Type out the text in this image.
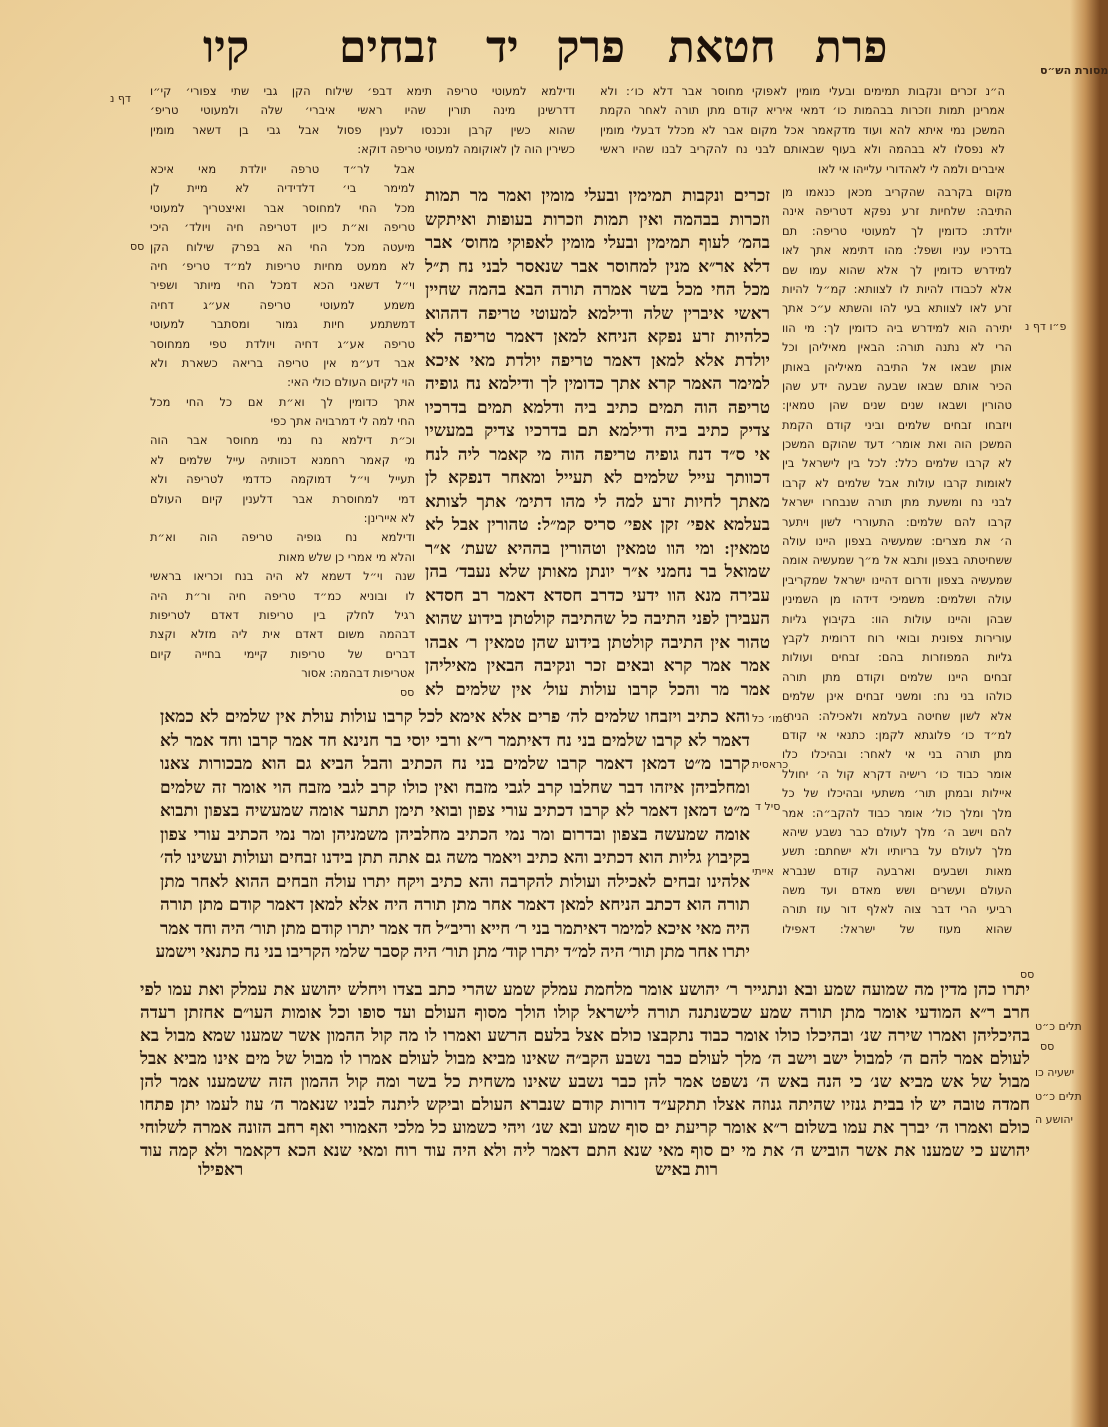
פרת
חטאת
פרק
יד
זבחים
קיו
ודילמא למעוטי טריפה תימא דבפ׳ שילוח הקן גבי שתי צפורי׳ קי״ו
דדרשינן מינה תורין שהיו ראשי איברי׳ שלה ולמעוטי טריפ׳
שהוא כשין קרבן ונכנסו לענין פסול אבל גבי בן דשאר מומין
כשירין הוה לן לאוקומה למעוטי טריפה דוקא:
אבל לר״ד טרפה יולדת מאי איכא
למימר בי׳ דלדידיה לא מיית לן
מכל החי למחוסר אבר ואיצטריך למעוטי
טריפה וא״ת כיון דטריפה חיה ויולד׳ היכי
מיעטה מכל החי הא בפרק שילוח הקן
לא ממעט מחיות טריפות למ״ד טריפ׳ חיה
וי״ל דשאני הכא דמכל החי מיותר ושפיר
משמע למעוטי טריפה אע״ג דחיה
דמשתמע חיות גמור ומסתבר למעוטי
טריפה אע״ג דחיה ויולדת טפי ממחוסר
אבר דע״מ אין טריפה בריאה כשארת ולא
הוי לקיום העולם כולי האי:
אתך כדומין לך וא״ת אם כל החי מכל
החי למה לי דמרבויה אתך כפי
וכ״ת דילמא נח נמי מחוסר אבר הוה
מי קאמר רחמנא דכוותיה עייל שלמים לא
תעייל וי״ל דמוקמה כדדמי לטריפה ולא
דמי למחוסרת אבר דלענין קיום העולם
לא איירינן:
ודילמא נח גופיה טריפה הוה וא״ת
והלא מי אמרי כן שלש מאות
שנה וי״ל דשמא לא היה בנח וכריאו בראשי
לו ובוניא כמ״ד טריפה חיה ור״ת היה
רגיל לחלק בין טריפות דאדם לטריפות
דבהמה משום דאדם אית ליה מזלא וקצת
דברים של טריפות קיימי בחייה קיום
אטריפות דבהמה: אסור
ה״נ זכרים ונקבות תמימים ובעלי מומין לאפוקי מחוסר אבר דלא כו׳: ולא
אמרינן תמות וזכרות בבהמות כו׳ דמאי איריא קודם מתן תורה לאחר הקמת
המשכן נמי איתא להא ועוד מדקאמר אכל מקום אבר לא מכלל דבעלי מומין
לא נפסלו לא בבהמה ולא בעוף שבאותם לבני נח להקריב לבנו שהיו ראשי
איברים ולמה לי לאהדורי עלייהו אי לאו
מקום בקרבה שהקריב מכאן כנאמו מן
התיבה: שלחיות זרע נפקא דטריפה אינה
יולדת: כדומין לך למעוטי טריפה: תם
בדרכיו עניו ושפל: מהו דתימא אתך לאו
למידרש כדומין לך אלא שהוא עמו שם
אלא לכבודו להיות לו לצוותא: קמ״ל להיות
זרע לאו לצוותא בעי להו והשתא ע״כ אתך
יתירה הוא למידרש ביה כדומין לך: מי הוו
הרי לא נתנה תורה: הבאין מאיליהן וכל
אותן שבאו אל התיבה מאיליהן באותן
הכיר אותם שבאו שבעה שבעה ידע שהן
טהורין ושבאו שנים שנים שהן טמאין:
ויזבחו זבחים שלמים וביני קודם הקמת
המשכן הוה ואת אומר׳ דעד שהוקם המשכן
לא קרבו שלמים כלל: לכל בין לישראל בין
לאומות קרבו עולות אבל שלמים לא קרבו
לבני נח ומשעת מתן תורה שנבחרו ישראל
קרבו להם שלמים: התעוררי לשון ויתער
ה׳ את מצרים: שמעשיה בצפון היינו עולה
ששחיטתה בצפון ותבא אל מ״ך שמעשיה אומה
שמעשיה בצפון ודרום דהיינו ישראל שמקריבין
עולה ושלמים: משמיכי דידהו מן השמינין
שבהן והיינו עולות הוו: בקיבוץ גליות
עורירות צפונית ובואי רוח דרומית לקבץ
גליות המפוזרות בהם: זבחים ועולות
זבחים היינו שלמים וקודם מתן תורה
כולהו בני נח: ומשני זבחים אינן שלמים
אלא לשון שחיטה בעלמא ולאכילה: הניח׳
למ״ד כו׳ פלוגתא לקמן: כתנאי אי קודם
מתן תורה בני אי לאחר: ובהיכלו כלו
אומר כבוד כו׳ רישיה דקרא קול ה׳ יחולל
איילות ובמתן תור׳ משתעי ובהיכלו של כל
מלך ומלך כול׳ אומר כבוד להקב״ה: אמר
להם וישב ה׳ מלך לעולם כבר נשבע שיהא
מלך לעולם על בריותיו ולא ישחתם: תשע
מאות ושבעים וארבעה קודם שנברא
העולם ועשרים ושש מאדם ועד משה
רביעי הרי דבר צוה לאלף דור עוז תורה
שהוא מעוז של ישראל: דאפילו
זכרים ונקבות תמימין ובעלי מומין ואמר מר תמות
וזכרות בבהמה ואין תמות וזכרות בעופות ואיתקש
בהמ׳ לעוף תמימין ובעלי מומין לאפוקי מחוס׳ אבר
דלא אר״א מנין למחוסר אבר שנאסר לבני נח ת״ל
מכל החי מכל בשר אמרה תורה הבא בהמה שחיין
ראשי איברין שלה ודילמא למעוטי טריפה דההוא
כלהיות זרע נפקא הניחא למאן דאמר טריפה לא
יולדת אלא למאן דאמר טריפה יולדת מאי איכא
למימר האמר קרא אתך כדומין לך ודילמא נח גופיה
טריפה הוה תמים כתיב ביה ודלמא תמים בדרכיו
צדיק כתיב ביה ודילמא תם בדרכיו צדיק במעשיו
אי ס״ד דנח גופיה טריפה הוה מי קאמר ליה לנח
דכוותך עייל שלמים לא תעייל ומאחר דנפקא לן
מאתך לחיות זרע למה לי מהו דתימ׳ אתך לצותא
בעלמא אפי׳ זקן אפי׳ סריס קמ״ל: טהורין אבל לא
טמאין: ומי הוו טמאין וטהורין בההיא שעת׳ א״ר
שמואל בר נחמני א״ר יונתן מאותן שלא נעבד׳ בהן
עבירה מנא הוו ידעי כדרב חסדא דאמר רב חסדא
העבירן לפני התיבה כל שהתיבה קולטתן בידוע שהוא
טהור אין התיבה קולטתן בידוע שהן טמאין ר׳ אבהו
אמר אמר קרא ובאים זכר ונקיבה הבאין מאיליהן
אמר מר והכל קרבו עולות עול׳ אין שלמים לא
והא כתיב ויזבחו שלמים לה׳ פרים אלא אימא לכל קרבו עולות עולת אין שלמים לא כמאן
דאמר לא קרבו שלמים בני נח דאיתמר ר״א ורבי יוסי בר חנינא חד אמר קרבו וחד אמר לא
קרבו מ״ט דמאן דאמר קרבו שלמים בני נח הכתיב והבל הביא גם הוא מבכורות צאנו
ומחלביהן איזהו דבר שחלבו קרב לגבי מזבח ואין כולו קרב לגבי מזבח הוי אומר זה שלמים
מ״ט דמאן דאמר לא קרבו דכתיב עורי צפון ובואי תימן תתער אומה שמעשיה בצפון ותבוא
אומה שמעשה בצפון ובדרום ומר נמי הכתיב מחלביהן משמניהן ומר נמי הכתיב עורי צפון
בקיבוץ גליות הוא דכתיב והא כתיב ויאמר משה גם אתה תתן בידנו זבחים ועולות ועשינו לה׳
אלהינו זבחים לאכילה ועולות להקרבה והא כתיב ויקח יתרו עולה וזבחים ההוא לאחר מתן
תורה הוא דכתב הניחא למאן דאמר אחר מתן תורה היה אלא למאן דאמר קודם מתן תורה
היה מאי איכא למימר דאיתמר בני ר׳ חייא וריב״ל חד אמר יתרו קודם מתן תור׳ היה וחד אמר
יתרו אחר מתן תור׳ היה למ״ד יתרו קוד׳ מתן תור׳ היה קסבר שלמי הקריבו בני נח כתנאי וישמע
יתרו כהן מדין מה שמועה שמע ובא ונתגייר ר׳ יהושע אומר מלחמת עמלק שמע שהרי כתב בצדו ויחלש יהושע את עמלק ואת עמו לפי
חרב ר״א המודעי אומר מתן תורה שמע שכשנתנה תורה לישראל קולו הולך מסוף העולם ועד סופו וכל אומות העו״ם אחזתן רעדה
בהיכליהן ואמרו שירה שנ׳ ובהיכלו כולו אומר כבוד נתקבצו כולם אצל בלעם הרשע ואמרו לו מה קול ההמון אשר שמענו שמא מבול בא
לעולם אמר להם ה׳ למבול ישב וישב ה׳ מלך לעולם כבר נשבע הקב״ה שאינו מביא מבול לעולם אמרו לו מבול של מים אינו מביא אבל
מבול של אש מביא שנ׳ כי הנה באש ה׳ נשפט אמר להן כבר נשבע שאינו משחית כל בשר ומה קול ההמון הזה ששמענו אמר להן
חמדה טובה יש לו בבית גנזיו שהיתה גנוזה אצלו תתקע״ד דורות קודם שנברא העולם וביקש ליתנה לבניו שנאמר ה׳ עוז לעמו יתן פתחו
כולם ואמרו ה׳ יברך את עמו בשלום ר״א אומר קריעת ים סוף שמע ובא שנ׳ ויהי כשמוע כל מלכי האמורי ואף רחב הזונה אמרה לשלוחי
יהושע כי שמענו את אשר הוביש ה׳ את מי ים סוף מאי שנא התם דאמר ליה ולא היה עוד רוח ומאי שנא הכא דקאמר ולא קמה עוד
רות באיש
ראפילו
מסורת הש״ס
דף נ
סס
סס
פ״ו דף נ
סמו׳ כל
כראסית
סיל ד
אייתי
סס
תלים כ״ט
סס
ישעיה כו
תלים כ״ט
יהושע ה
